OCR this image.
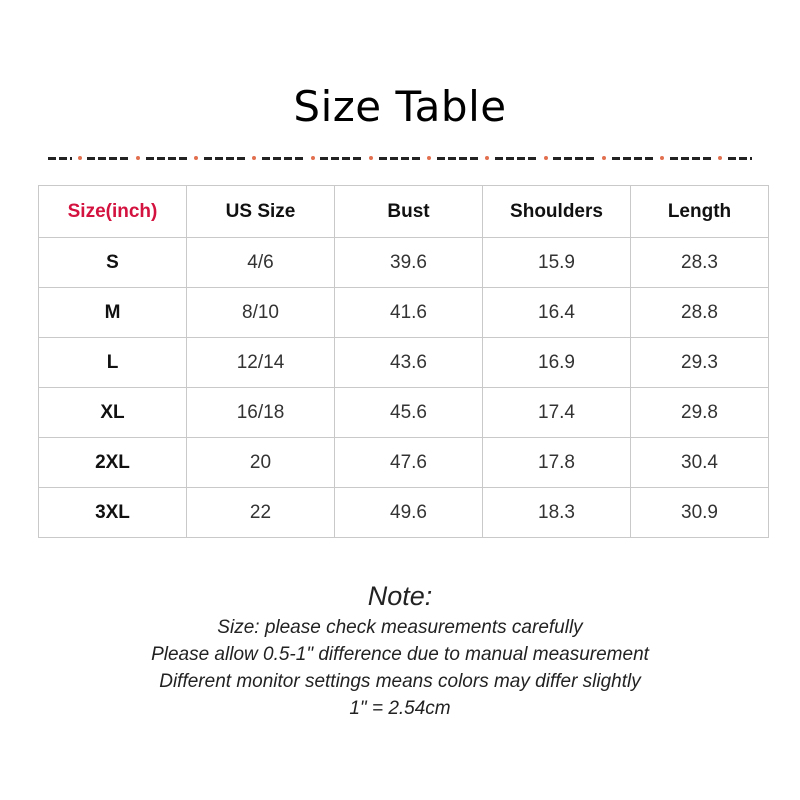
Size Table
Size(inch)	US Size	Bust	Shoulders	Length
S	4/6	39.6	15.9	28.3
M	8/10	41.6	16.4	28.8
L	12/14	43.6	16.9	29.3
XL	16/18	45.6	17.4	29.8
2XL	20	47.6	17.8	30.4
3XL	22	49.6	18.3	30.9
Note:
Size: please check measurements carefully
Please allow 0.5-1" difference due to manual measurement
Different monitor settings means colors may differ slightly
1" = 2.54cm
